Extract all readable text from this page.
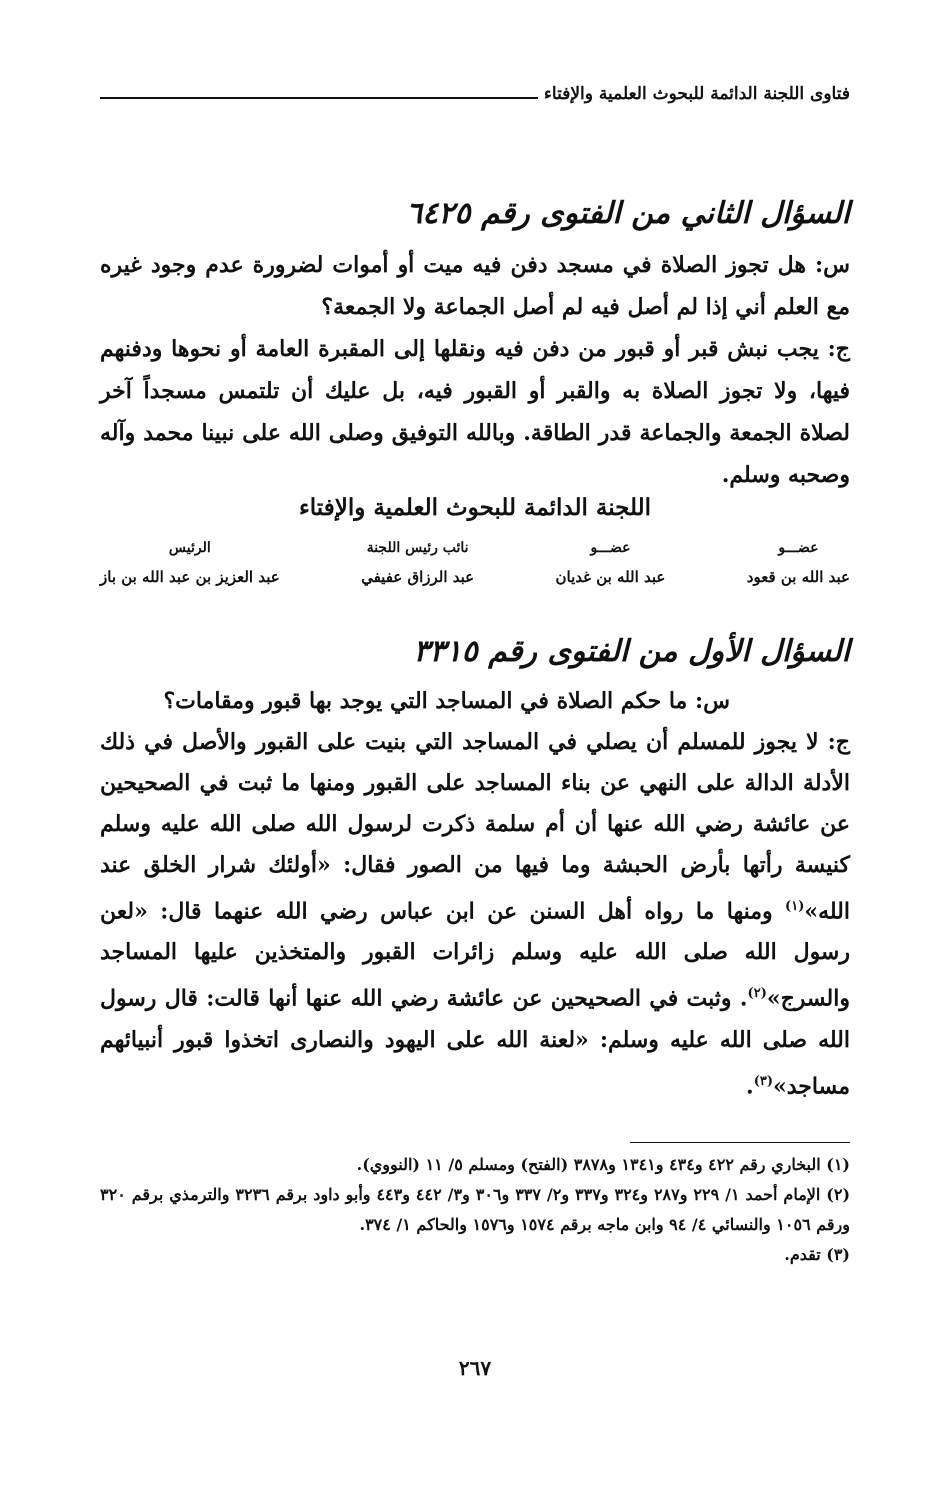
فتاوى اللجنة الدائمة للبحوث العلمية والإفتاء
السؤال الثاني من الفتوى رقم ٦٤٢٥

س: هل تجوز الصلاة في مسجد دفن فيه ميت أو أموات لضرورة عدم وجود غيره مع العلم أني إذا لم أصل فيه لم أصل الجماعة ولا الجمعة؟

ج: يجب نبش قبر أو قبور من دفن فيه ونقلها إلى المقبرة العامة أو نحوها ودفنهم فيها، ولا تجوز الصلاة به والقبر أو القبور فيه، بل عليك أن تلتمس مسجداً آخر لصلاة الجمعة والجماعة قدر الطاقة. وبالله التوفيق وصلى الله على نبينا محمد وآله وصحبه وسلم.

اللجنة الدائمة للبحوث العلمية والإفتاء
عضـــو
عبد الله بن قعود
عضـــو
عبد الله بن غديان
نائب رئيس اللجنة
عبد الرزاق عفيفي
الرئيس
عبد العزيز بن عبد الله بن باز
السؤال الأول من الفتوى رقم ٣٣١٥

س: ما حكم الصلاة في المساجد التي يوجد بها قبور ومقامات؟

ج: لا يجوز للمسلم أن يصلي في المساجد التي بنيت على القبور والأصل في ذلك الأدلة الدالة على النهي عن بناء المساجد على القبور ومنها ما ثبت في الصحيحين عن عائشة رضي الله عنها أن أم سلمة ذكرت لرسول الله صلى الله عليه وسلم كنيسة رأتها بأرض الحبشة وما فيها من الصور فقال: «أولئك شرار الخلق عند الله»$^{(١)}$ ومنها ما رواه أهل السنن عن ابن عباس رضي الله عنهما قال: «لعن رسول الله صلى الله عليه وسلم زائرات القبور والمتخذين عليها المساجد والسرج»$^{(٢)}$. وثبت في الصحيحين عن عائشة رضي الله عنها أنها قالت: قال رسول الله صلى الله عليه وسلم: «لعنة الله على اليهود والنصارى اتخذوا قبور أنبيائهم مساجد»$^{(٣)}$.

(١) البخاري رقم ٤٢٢ و٤٣٤ و١٣٤١ و٣٨٧٨ (الفتح) ومسلم ٥/ ١١ (النووي).

(٢) الإمام أحمد ١/ ٢٢٩ و٢٨٧ و٣٢٤ و٣٣٧ و٢/ ٣٣٧ و٣٠٦ و٣/ ٤٤٢ و٤٤٣ وأبو داود برقم ٣٢٣٦ والترمذي برقم ٣٢٠ ورقم ١٠٥٦ والنسائي ٤/ ٩٤ وابن ماجه برقم ١٥٧٤ و١٥٧٦ والحاكم ١/ ٣٧٤.

(٣) تقدم.

٢٦٧
